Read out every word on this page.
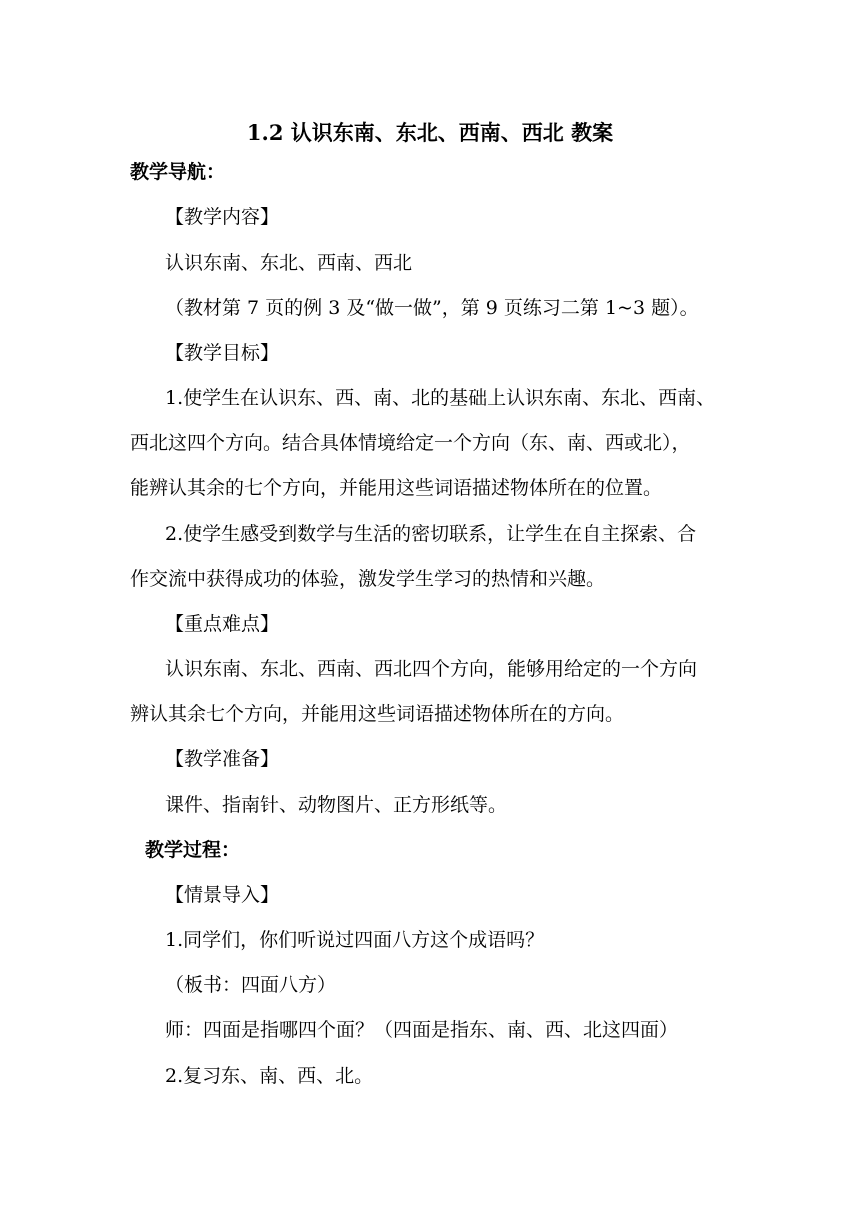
1.2 认识东南、东北、西南、西北 教案
教学导航：
【教学内容】
认识东南、东北、西南、西北
（教材第 7 页的例 3 及“做一做”，第 9 页练习二第 1~3 题）。
【教学目标】
1.使学生在认识东、西、南、北的基础上认识东南、东北、西南、
西北这四个方向。结合具体情境给定一个方向（东、南、西或北），
能辨认其余的七个方向，并能用这些词语描述物体所在的位置。
2.使学生感受到数学与生活的密切联系，让学生在自主探索、合
作交流中获得成功的体验，激发学生学习的热情和兴趣。
【重点难点】
认识东南、东北、西南、西北四个方向，能够用给定的一个方向
辨认其余七个方向，并能用这些词语描述物体所在的方向。
【教学准备】
课件、指南针、动物图片、正方形纸等。
教学过程：
【情景导入】
1.同学们，你们听说过四面八方这个成语吗？
（板书：四面八方）
师：四面是指哪四个面？（四面是指东、南、西、北这四面）
2.复习东、南、西、北。
